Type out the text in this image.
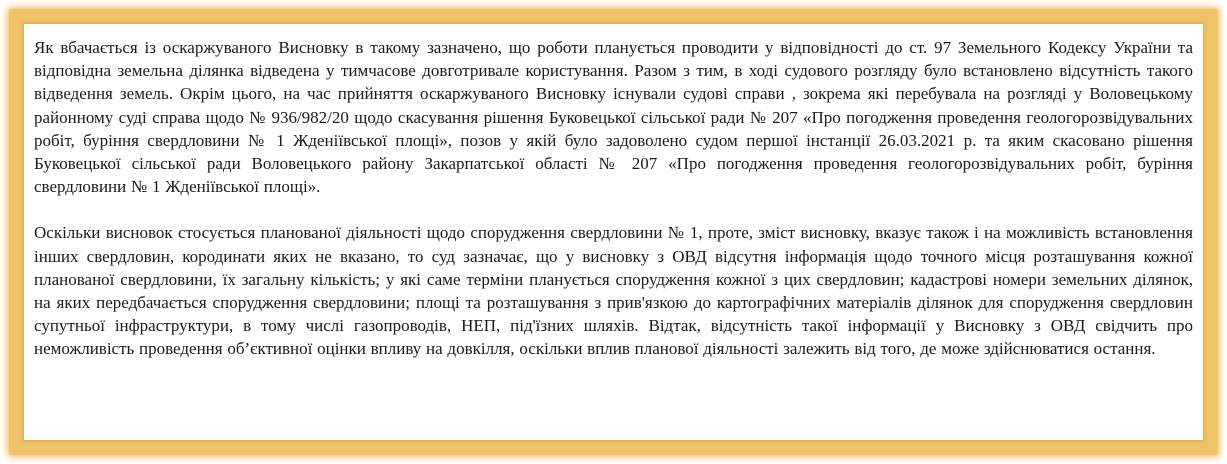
Як вбачається із оскаржуваного Висновку в такому зазначено, що роботи планується проводити у відповідності до ст. 97 Земельного Кодексу України та відповідна земельна ділянка відведена у тимчасове довготривале користування. Разом з тим, в ході судового розгляду було встановлено відсутність такого відведення земель. Окрім цього, на час прийняття оскаржуваного Висновку існували судові справи , зокрема які перебувала на розгляді у Воловецькому районному суді справа щодо № 936/982/20 щодо скасування рішення Буковецької сільської ради № 207 «Про погодження проведення геологорозвідувальних робіт, буріння свердловини № 1 Жденіївської площі», позов у якій було задоволено судом першої інстанції 26.03.2021 р. та яким скасовано рішення Буковецької сільської ради Воловецького району Закарпатської області № 207 «Про погодження проведення геологорозвідувальних робіт, буріння свердловини № 1 Жденіївської площі».

Оскільки висновок стосується планованої діяльності щодо спорудження свердловини № 1, проте, зміст висновку, вказує також і на можливість встановлення інших свердловин, кородинати яких не вказано, то суд зазначає, що у висновку з ОВД відсутня інформація щодо точного місця розташування кожної планованої свердловини, їх загальну кількість; у які саме терміни планується спорудження кожної з цих свердловин; кадастрові номери земельних ділянок, на яких передбачається спорудження свердловини; площі та розташування з прив'язкою до картографічних матеріалів ділянок для спорудження свердловин супутньої інфраструктури, в тому числі газопроводів, НЕП, під'їзних шляхів. Відтак, відсутність такої інформації у Висновку з ОВД свідчить про неможливість проведення об’єктивної оцінки впливу на довкілля, оскільки вплив планової діяльності залежить від того, де може здійснюватися остання.
